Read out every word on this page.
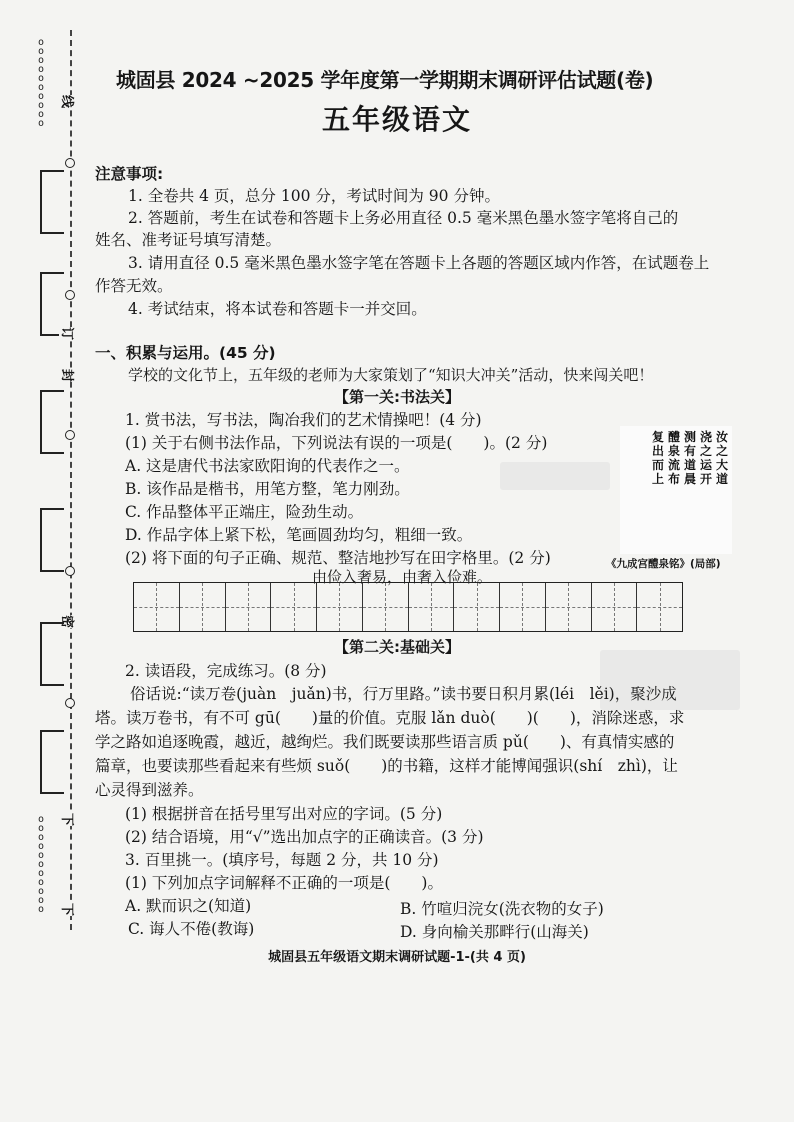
o
o
o
o
o
o
o
o
o
o
o
o
o
o
o
o
o
o
o
o
o
线
订
封
密
下
下
城固县 2024 ~2025 学年度第一学期期末调研评估试题(卷)
五年级语文
注意事项:
1. 全卷共 4 页，总分 100 分，考试时间为 90 分钟。
2. 答题前，考生在试卷和答题卡上务必用直径 0.5 毫米黑色墨水签字笔将自己的
姓名、准考证号填写清楚。
3. 请用直径 0.5 毫米黑色墨水签字笔在答题卡上各题的答题区域内作答，在试题卷上
作答无效。
4. 考试结束，将本试卷和答题卡一并交回。
一、积累与运用。(45 分)
学校的文化节上，五年级的老师为大家策划了“知识大冲关”活动，快来闯关吧！
【第一关:书法关】
1. 赏书法，写书法，陶冶我们的艺术情操吧！(4 分)
(1) 关于右侧书法作品，下列说法有误的一项是(　　)。(2 分)
A. 这是唐代书法家欧阳询的代表作之一。
B. 该作品是楷书，用笔方整，笔力刚劲。
C. 作品整体平正端庄，险劲生动。
D. 作品字体上紧下松，笔画圆劲均匀，粗细一致。
(2) 将下面的句子正确、规范、整洁地抄写在田字格里。(2 分)
由俭入奢易，由奢入俭难。
汝
之
大
道
浇
之
运
开
测
有
道
晨
醴
泉
流
布
复
出
而
上
《九成宫醴泉铭》(局部)
【第二关:基础关】
2. 读语段，完成练习。(8 分)
俗话说:“读万卷(juàn　juǎn)书，行万里路。”读书要日积月累(léi　lěi)，聚沙成
塔。读万卷书，有不可 gū(　　)量的价值。克服 lǎn duò(　　)(　　)，消除迷惑，求
学之路如追逐晚霞，越近，越绚烂。我们既要读那些语言质 pǔ(　　)、有真情实感的
篇章，也要读那些看起来有些烦 suǒ(　　)的书籍，这样才能博闻强识(shí　zhì)，让
心灵得到滋养。
(1) 根据拼音在括号里写出对应的字词。(5 分)
(2) 结合语境，用“√”选出加点字的正确读音。(3 分)
3. 百里挑一。(填序号，每题 2 分，共 10 分)
(1) 下列加点字词解释不正确的一项是(　　)。
A. 默而识之(知道)	B. 竹喧归浣女(洗衣物的女子)
C. 诲人不倦(教诲)	D. 身向榆关那畔行(山海关)
城固县五年级语文期末调研试题-1-(共 4 页)
